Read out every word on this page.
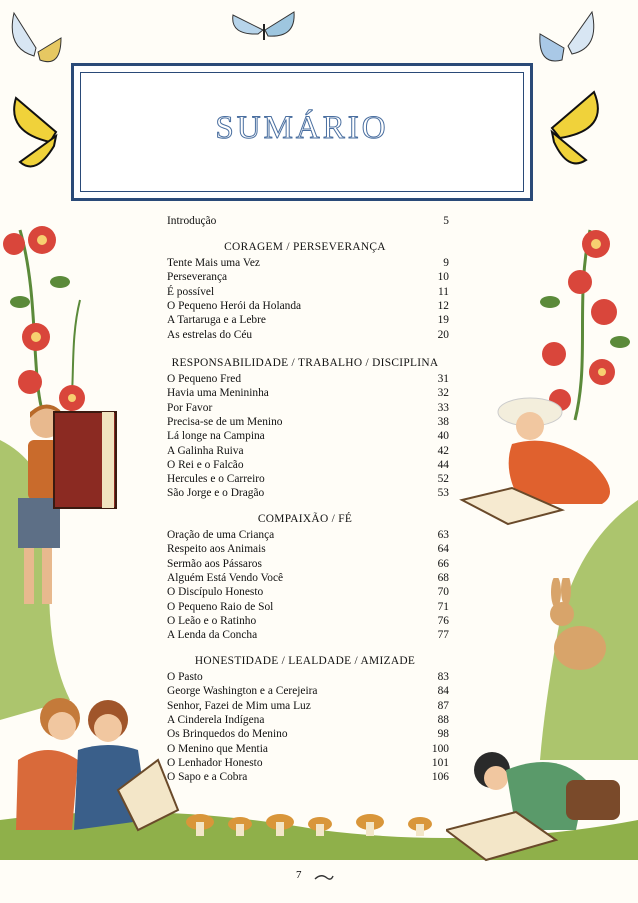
SUMÁRIO
Introdução	5
CORAGEM / PERSEVERANÇA
Tente Mais uma Vez	9
Perseverança	10
É possível	11
O Pequeno Herói da Holanda	12
A Tartaruga e a Lebre	19
As estrelas do Céu	20
RESPONSABILIDADE / TRABALHO / DISCIPLINA
O Pequeno Fred	31
Havia uma Menininha	32
Por Favor	33
Precisa-se de um Menino	38
Lá longe na Campina	40
A Galinha Ruiva	42
O Rei e o Falcão	44
Hercules e o Carreiro	52
São Jorge e o Dragão	53
COMPAIXÃO / FÉ
Oração de uma Criança	63
Respeito aos Animais	64
Sermão aos Pássaros	66
Alguém Está Vendo Você	68
O Discípulo Honesto	70
O Pequeno Raio de Sol	71
O Leão e o Ratinho	76
A Lenda da Concha	77
HONESTIDADE / LEALDADE / AMIZADE
O Pasto	83
George Washington e a Cerejeira	84
Senhor, Fazei de Mim uma Luz	87
A Cinderela Indígena	88
Os Brinquedos do Menino	98
O Menino que Mentia	100
O Lenhador Honesto	101
O Sapo e a Cobra	106
7
